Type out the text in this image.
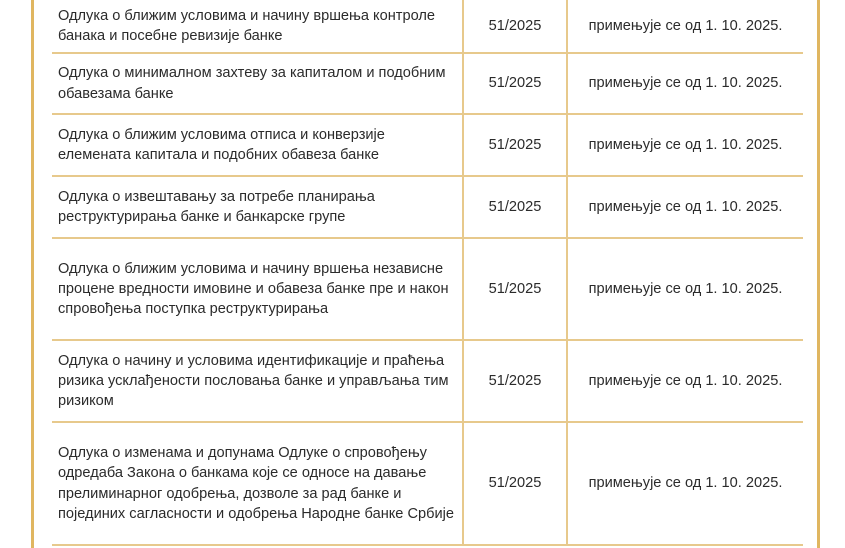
Одлука о ближим условима и начину вршења контроле банака и посебне ревизије банке	51/2025	примењује се од 1. 10. 2025.
Одлука о минималном захтеву за капиталом и подобним обавезама банке	51/2025	примењује се од 1. 10. 2025.
Одлука о ближим условима отписа и конверзије елемената капитала и подобних обавеза банке	51/2025	примењује се од 1. 10. 2025.
Одлука о извештавању за потребе планирања реструктурирања банке и банкарске групе	51/2025	примењује се од 1. 10. 2025.
Одлука о ближим условима и начину вршења независне процене вредности имовине и обавеза банке пре и након спровођења поступка реструктурирања	51/2025	примењује се од 1. 10. 2025.
Одлука о начину и условима идентификације и праћења ризика усклађености пословања банке и управљања тим ризиком	51/2025	примењује се од 1. 10. 2025.
Одлука о изменама и допунама Одлуке о спровођењу одредаба Закона о банкама које се односе на давање прелиминарног одобрења, дозволе за рад банке и појединих сагласности и одобрења Народне банке Србије	51/2025	примењује се од 1. 10. 2025.
